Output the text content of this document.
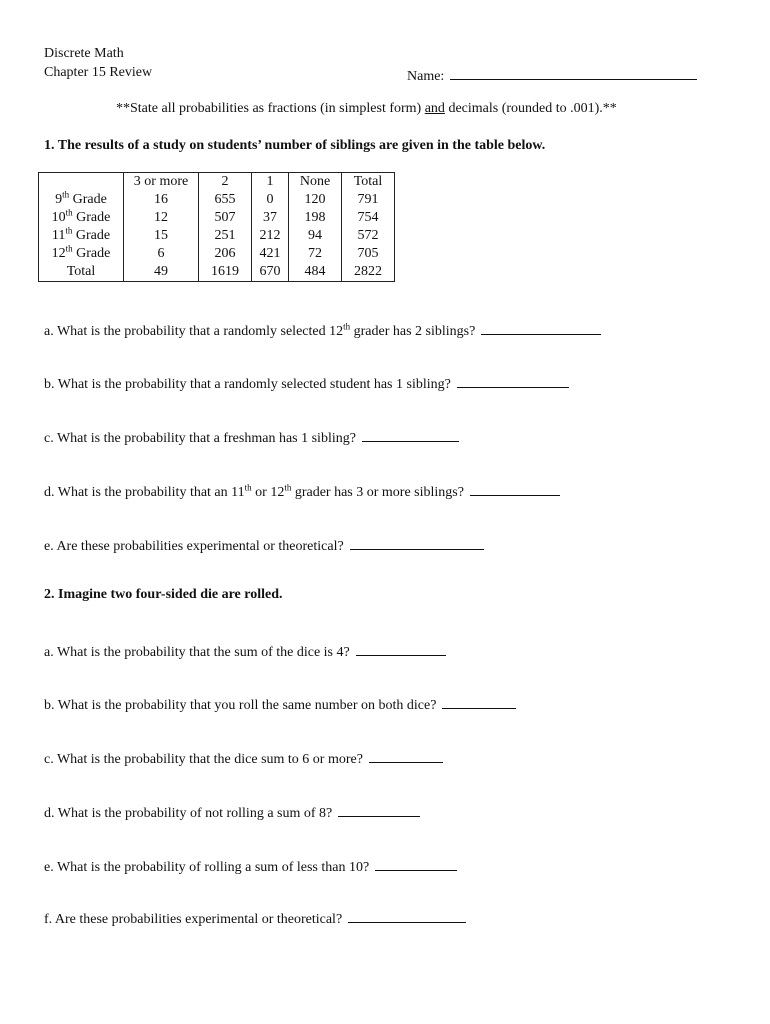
Discrete Math
Chapter 15 Review	Name:
**State all probabilities as fractions (in simplest form) and decimals (rounded to .001).**
1. The results of a study on students’ number of siblings are given in the table below.
	3 or more	2	1	None	Total
9th Grade	16	655	0	120	791
10th Grade	12	507	37	198	754
11th Grade	15	251	212	94	572
12th Grade	6	206	421	72	705
Total	49	1619	670	484	2822
a. What is the probability that a randomly selected 12th grader has 2 siblings?
b. What is the probability that a randomly selected student has 1 sibling?
c. What is the probability that a freshman has 1 sibling?
d. What is the probability that an 11th or 12th grader has 3 or more siblings?
e. Are these probabilities experimental or theoretical?
2. Imagine two four-sided die are rolled.
a. What is the probability that the sum of the dice is 4?
b. What is the probability that you roll the same number on both dice?
c. What is the probability that the dice sum to 6 or more?
d. What is the probability of not rolling a sum of 8?
e. What is the probability of rolling a sum of less than 10?
f. Are these probabilities experimental or theoretical?
